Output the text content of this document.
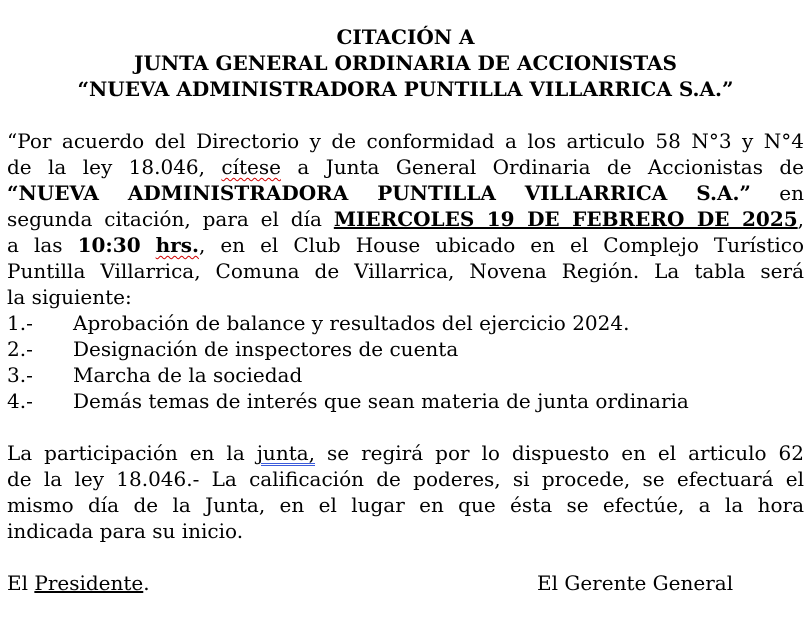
CITACIÓN A
JUNTA GENERAL ORDINARIA DE ACCIONISTAS
“NUEVA ADMINISTRADORA PUNTILLA VILLARRICA S.A.”
“Por acuerdo del Directorio y de conformidad a los articulo 58 N°3 y N°4
de la ley 18.046, cítese a Junta General Ordinaria de Accionistas de
“NUEVA ADMINISTRADORA PUNTILLA VILLARRICA S.A.” en
segunda citación, para el día MIERCOLES 19 DE FEBRERO DE 2025,
a las 10:30 hrs., en el Club House ubicado en el Complejo Turístico
Puntilla Villarrica, Comuna de Villarrica, Novena Región. La tabla será
la siguiente:
1.-	Aprobación de balance y resultados del ejercicio 2024.
2.-	Designación de inspectores de cuenta
3.-	Marcha de la sociedad
4.-	Demás temas de interés que sean materia de junta ordinaria
La participación en la junta, se regirá por lo dispuesto en el articulo 62
de la ley 18.046.- La calificación de poderes, si procede, se efectuará el
mismo día de la Junta, en el lugar en que ésta se efectúe, a la hora
indicada para su inicio.
El Presidente.	El Gerente General
